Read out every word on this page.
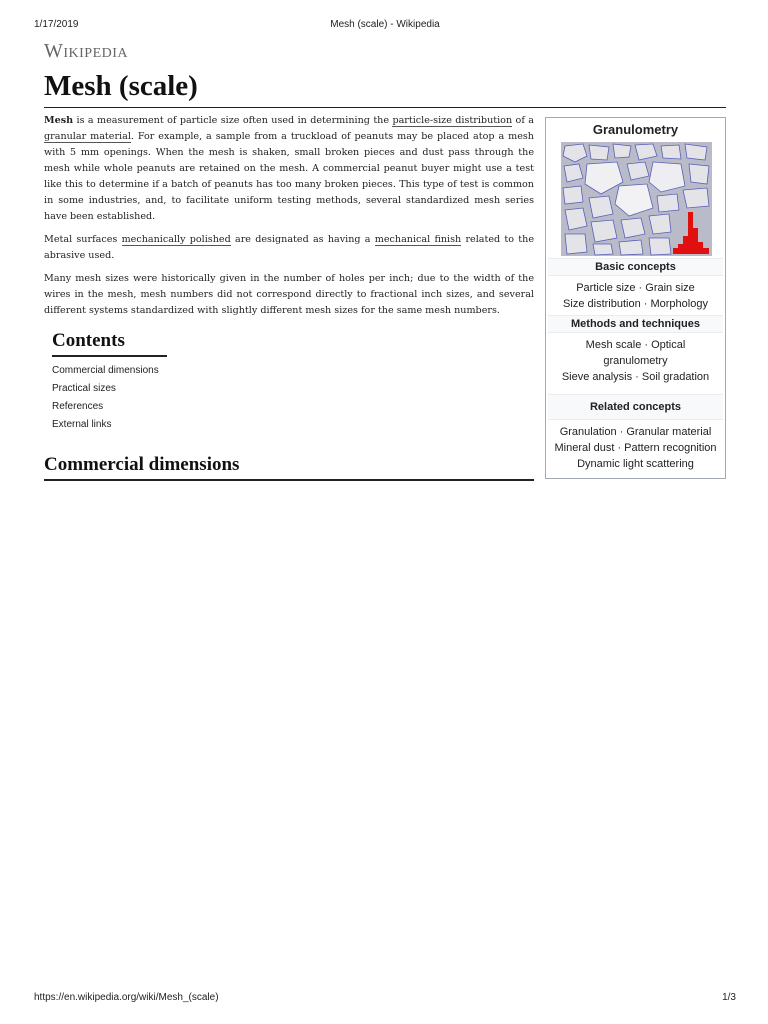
1/17/2019	Mesh (scale) - Wikipedia
Wikipedia
Mesh (scale)

Mesh is a measurement of particle size often used in determining the particle-size distribution of a granular material. For example, a sample from a truckload of peanuts may be placed atop a mesh with 5 mm openings. When the mesh is shaken, small broken pieces and dust pass through the mesh while whole peanuts are retained on the mesh. A commercial peanut buyer might use a test like this to determine if a batch of peanuts has too many broken pieces. This type of test is common in some industries, and, to facilitate uniform testing methods, several standardized mesh series have been established.

Metal surfaces mechanically polished are designated as having a mechanical finish related to the abrasive used.

Many mesh sizes were historically given in the number of holes per inch; due to the width of the wires in the mesh, mesh numbers did not correspond directly to fractional inch sizes, and several different systems standardized with slightly different mesh sizes for the same mesh numbers.

Contents
Commercial dimensions
Practical sizes
References
External links
Commercial dimensions
Granulometry
Basic concepts
Particle size · Grain size
Size distribution · Morphology
Methods and techniques
Mesh scale · Optical
granulometry
Sieve analysis · Soil gradation
Related concepts
Granulation · Granular material
Mineral dust · Pattern recognition
Dynamic light scattering
https://en.wikipedia.org/wiki/Mesh_(scale)	1/3
